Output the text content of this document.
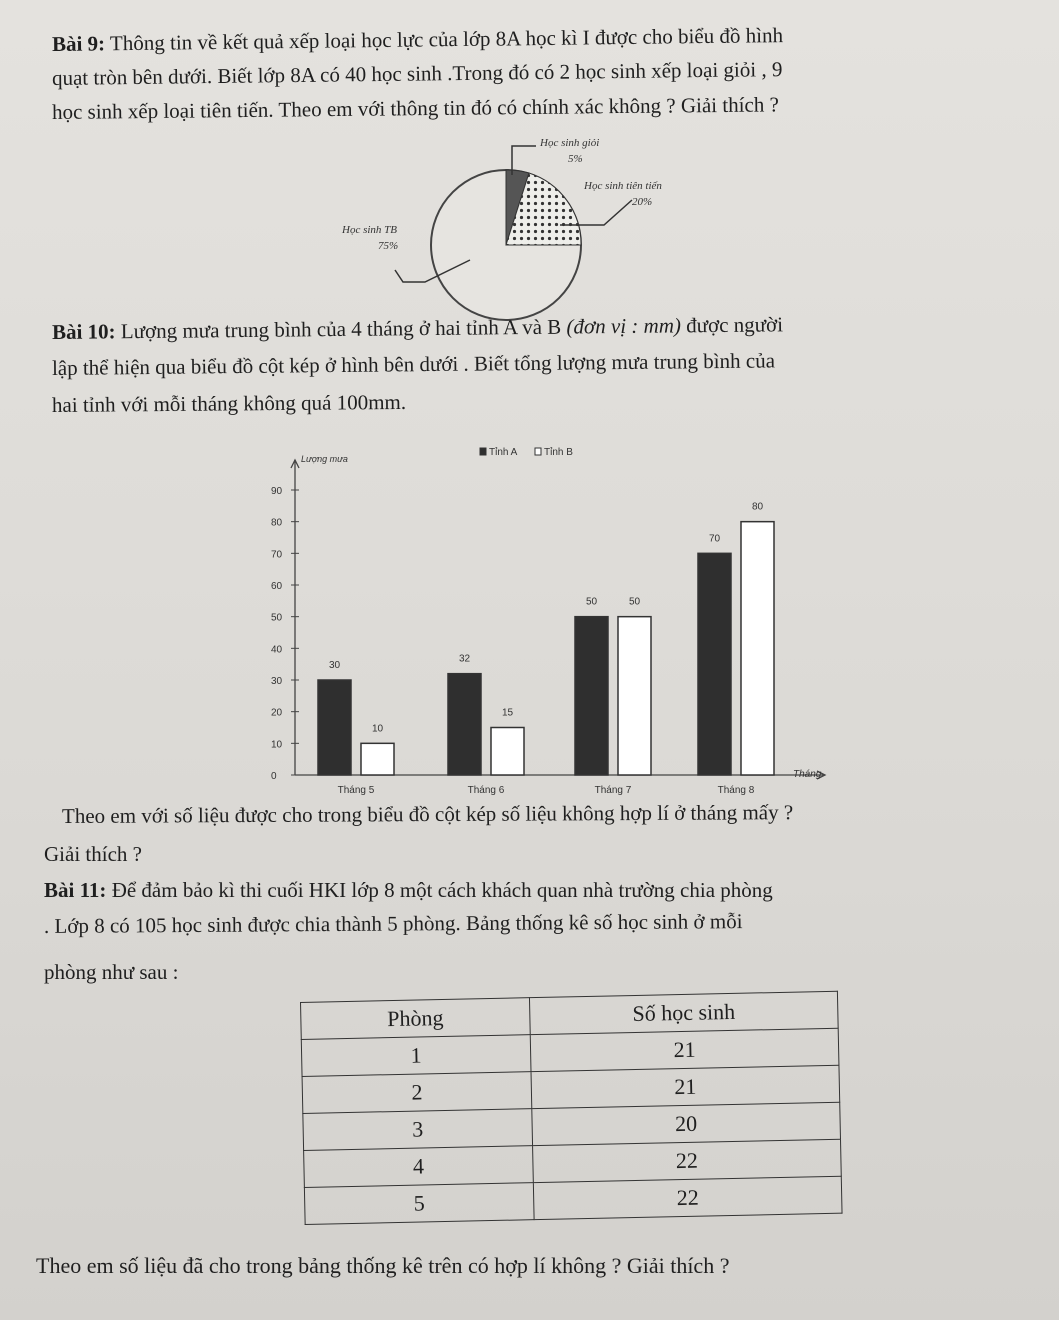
Bài 9: Thông tin về kết quả xếp loại học lực của lớp 8A học kì I được cho biểu đồ hình

quạt tròn bên dưới. Biết lớp 8A có 40 học sinh .Trong đó có 2 học sinh xếp loại giỏi , 9

học sinh xếp loại tiên tiến. Theo em với thông tin đó có chính xác không ? Giải thích ?

Học sinh giỏi
5%
Học sinh tiên tiến
20%
Học sinh TB
75%

Bài 10: Lượng mưa trung bình của 4 tháng ở hai tỉnh A và B (đơn vị : mm) được người

lập thể hiện qua biểu đồ cột kép ở hình bên dưới . Biết tổng lượng mưa trung bình của

hai tỉnh với mỗi tháng không quá 100mm.

Lượng mưa
Tháng
0
10
20
30
40
50
60
70
80
90
Tỉnh A	Tỉnh B
30
10
Tháng 5
32
15
Tháng 6
50	50
Tháng 7
70
80
Tháng 8

Theo em với số liệu được cho trong biểu đồ cột kép số liệu không hợp lí ở tháng mấy ?

Giải thích ?

Bài 11: Để đảm bảo kì thi cuối HKI lớp 8 một cách khách quan nhà trường chia phòng

. Lớp 8 có 105 học sinh được chia thành 5 phòng. Bảng thống kê số học sinh ở mỗi

phòng như sau :

Phòng	Số học sinh
1	21
2	21
3	20
4	22
5	22

Theo em số liệu đã cho trong bảng thống kê trên có hợp lí không ? Giải thích ?
